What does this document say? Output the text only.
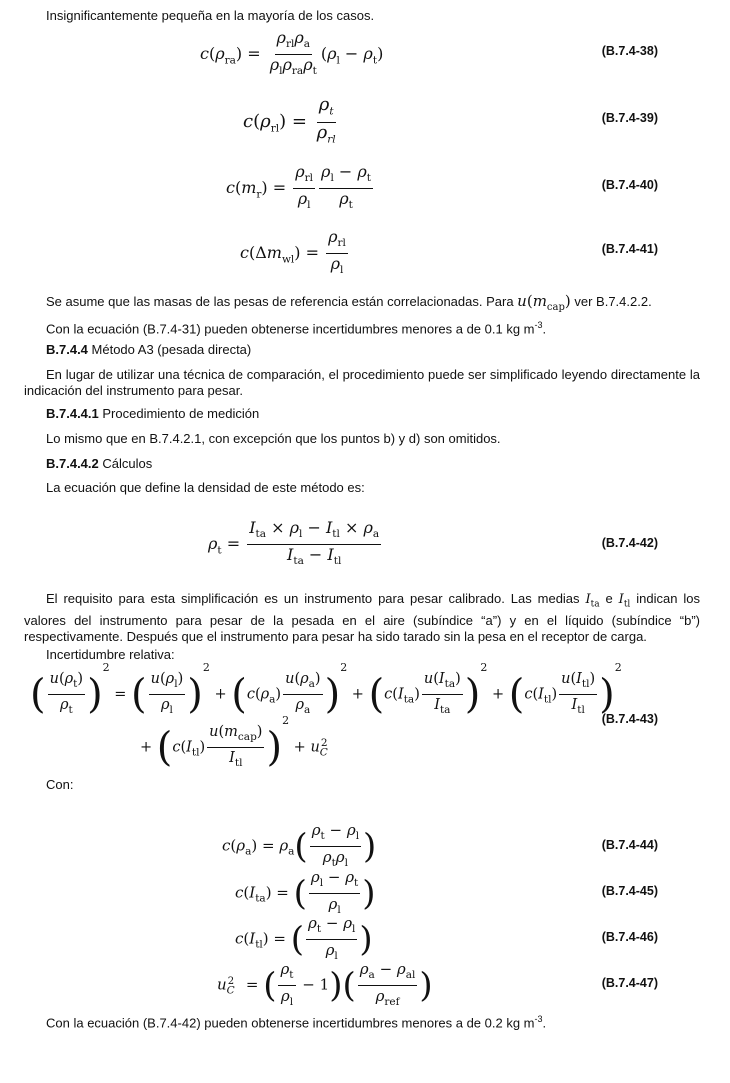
Insignificantemente pequeña en la mayoría de los casos.
$c(\rho_{ra})$ =
$\rho_{rl}\rho_a$
$\rho_l\rho_{ra}\rho_t$
$(\rho_l - \rho_t)$	(B.7.4-38)
$c(\rho_{rl})$ =
$\rho_t$
$\rho_{rl}$
(B.7.4-39)
$c(m_r)$ =
$\rho_{rl}$
$\rho_l \frac{\rho_l - \rho_t}{\rho_t}$	(B.7.4-40)
$c(\Delta m_{wl})$ =
$\rho_{rl}$
$\rho_l$
(B.7.4-41)
Se asume que las masas de las pesas de referencia están correlacionadas. Para $u(m_{cap})$ ver B.7.4.2.2.
Con la ecuación (B.7.4-31) pueden obtenerse incertidumbres menores a de 0.1 kg $m^{-3}$.
B.7.4.4 Método A3 (pesada directa)
En lugar de utilizar una técnica de comparación, el procedimiento puede ser simplificado leyendo directamente la indicación del instrumento para pesar.
B.7.4.4.1 Procedimiento de medición
Lo mismo que en B.7.4.2.1, con excepción que los puntos b) y d) son omitidos.
B.7.4.4.2 Cálculos
La ecuación que define la densidad de este método es:
$\rho_t$ =
$I_{ta} \times \rho_l - I_{tl} \times \rho_a$
$I_{ta} - I_{tl}$
(B.7.4-42)
El requisito para esta simplificación es un instrumento para pesar calibrado. Las medias $I_{ta}$ e $I_{tl}$ indican los valores del instrumento para pesar de la pesada en el aire (subíndice “a”) y en el líquido (subíndice “b”) respectivamente. Después que el instrumento para pesar ha sido tarado sin la pesa en el receptor de carga.
Incertidumbre relativa:
( $\frac{u(\rho_t)}{\rho_t} )^2$ = ( $\frac{u(\rho_l)}{\rho_l} )^2 + (c(\rho_a) \frac{u(\rho_a)}{\rho_a} )^2 + (c(I_{ta})$
$u(I_{ta})$
$I_{ta}$ )$^2 + (c(I_{tl})$
$u(I_{tl})$
$I_{tl}$ )$^2$
+ ($c(I_{tl})$
$u(m_{cap})$
$I_{tl}$ )$^2 + u_C^2$
(B.7.4-43)
Con:
$c(\rho_a) = \rho_a$( $\rho_t - \rho_l$
$\rho_t\rho_l$ )	(B.7.4-44)
$c(I_{ta})$ = ( $\frac{\rho_l - \rho_t}{\rho_l}$ )	(B.7.4-45)
$c(I_{tl})$ = ( $\frac{\rho_t - \rho_l}{\rho_l}$ )	(B.7.4-46)
$u_C^2$ = ( $\frac{\rho_t}{\rho_l} - 1$)( $\rho_a - \rho_{al}$
$\rho_{ref}$ )	(B.7.4-47)
Con la ecuación (B.7.4-42) pueden obtenerse incertidumbres menores a de 0.2 kg $m^{-3}$.
